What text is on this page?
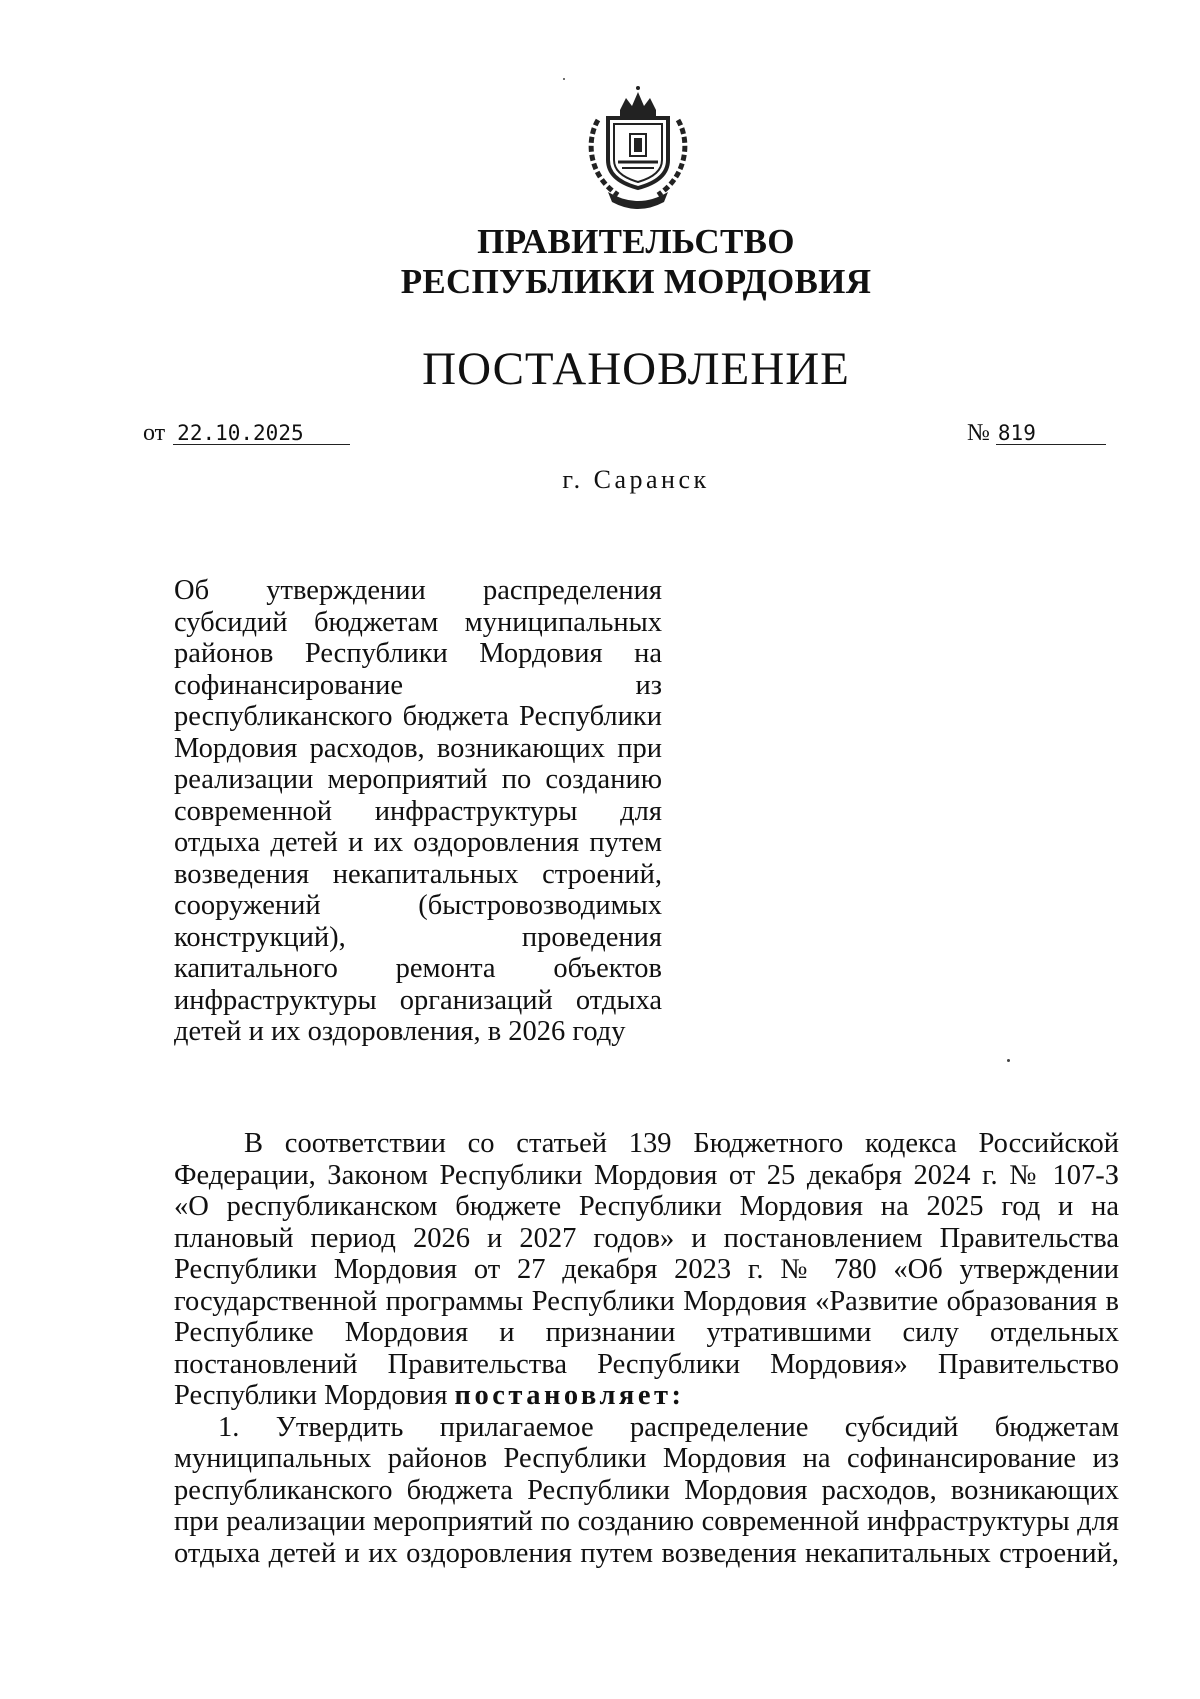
ПРАВИТЕЛЬСТВО
РЕСПУБЛИКИ МОРДОВИЯ
ПОСТАНОВЛЕНИЕ
от 22.10.2025	№ 819
г. Саранск
Об утверждении распределения
субсидий бюджетам муниципальных
районов Республики Мордовия на
софинансирование из
республиканского бюджета Республики
Мордовия расходов, возникающих при
реализации мероприятий по созданию
современной инфраструктуры для
отдыха детей и их оздоровления путем
возведения некапитальных строений,
сооружений (быстровозводимых
конструкций), проведения
капитального ремонта объектов
инфраструктуры организаций отдыха
детей и их оздоровления, в 2026 году
В соответствии со статьей 139 Бюджетного кодекса Российской
Федерации, Законом Республики Мордовия от 25 декабря 2024 г. № 107-З
«О республиканском бюджете Республики Мордовия на 2025 год и на
плановый период 2026 и 2027 годов» и постановлением Правительства
Республики Мордовия от 27 декабря 2023 г. № 780 «Об утверждении
государственной программы Республики Мордовия «Развитие образования в
Республике Мордовия и признании утратившими силу отдельных
постановлений Правительства Республики Мордовия» Правительство
Республики Мордовия постановляет:
1. Утвердить прилагаемое распределение субсидий бюджетам
муниципальных районов Республики Мордовия на софинансирование из
республиканского бюджета Республики Мордовия расходов, возникающих
при реализации мероприятий по созданию современной инфраструктуры для
отдыха детей и их оздоровления путем возведения некапитальных строений,
